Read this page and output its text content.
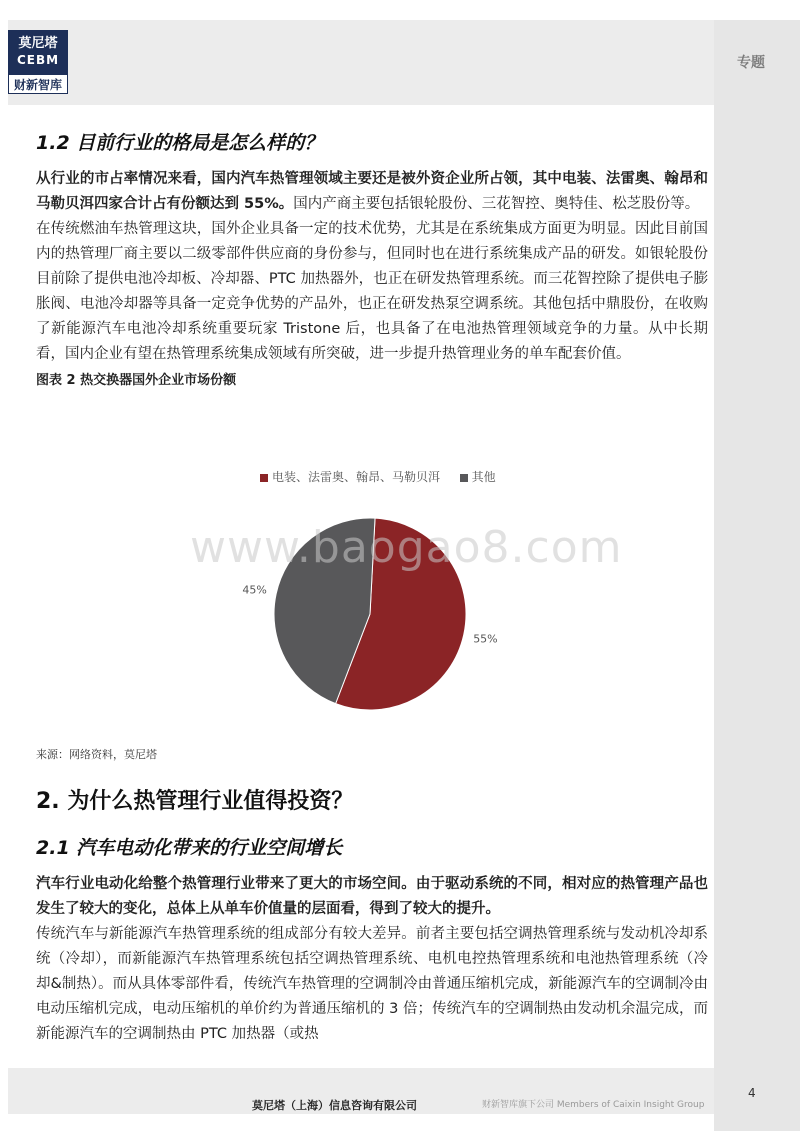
莫尼塔
CEBM
财新智库
专题
1.2 目前行业的格局是怎么样的？

从行业的市占率情况来看，国内汽车热管理领域主要还是被外资企业所占领，其中电装、法雷奥、翰昂和马勒贝洱四家合计占有份额达到 55%。国内产商主要包括银轮股份、三花智控、奥特佳、松芝股份等。

在传统燃油车热管理这块，国外企业具备一定的技术优势，尤其是在系统集成方面更为明显。因此目前国内的热管理厂商主要以二级零部件供应商的身份参与，但同时也在进行系统集成产品的研发。如银轮股份目前除了提供电池冷却板、冷却器、PTC 加热器外，也正在研发热管理系统。而三花智控除了提供电子膨胀阀、电池冷却器等具备一定竞争优势的产品外，也正在研发热泵空调系统。其他包括中鼎股份，在收购了新能源汽车电池冷却系统重要玩家 Tristone 后，也具备了在电池热管理领域竞争的力量。从中长期看，国内企业有望在热管理系统集成领域有所突破，进一步提升热管理业务的单车配套价值。

图表 2 热交换器国外企业市场份额
电装、法雷奥、翰昂、马勒贝洱	其他
55%
45%
www.baogao8.com
来源：网络资料，莫尼塔
2. 为什么热管理行业值得投资？
2.1 汽车电动化带来的行业空间增长

汽车行业电动化给整个热管理行业带来了更大的市场空间。由于驱动系统的不同，相对应的热管理产品也发生了较大的变化，总体上从单车价值量的层面看，得到了较大的提升。

传统汽车与新能源汽车热管理系统的组成部分有较大差异。前者主要包括空调热管理系统与发动机冷却系统（冷却），而新能源汽车热管理系统包括空调热管理系统、电机电控热管理系统和电池热管理系统（冷却&制热）。而从具体零部件看，传统汽车热管理的空调制冷由普通压缩机完成，新能源汽车的空调制冷由电动压缩机完成，电动压缩机的单价约为普通压缩机的 3 倍；传统汽车的空调制热由发动机余温完成，而新能源汽车的空调制热由 PTC 加热器（或热

莫尼塔（上海）信息咨询有限公司	财新智库旗下公司 Members of Caixin Insight Group
4
